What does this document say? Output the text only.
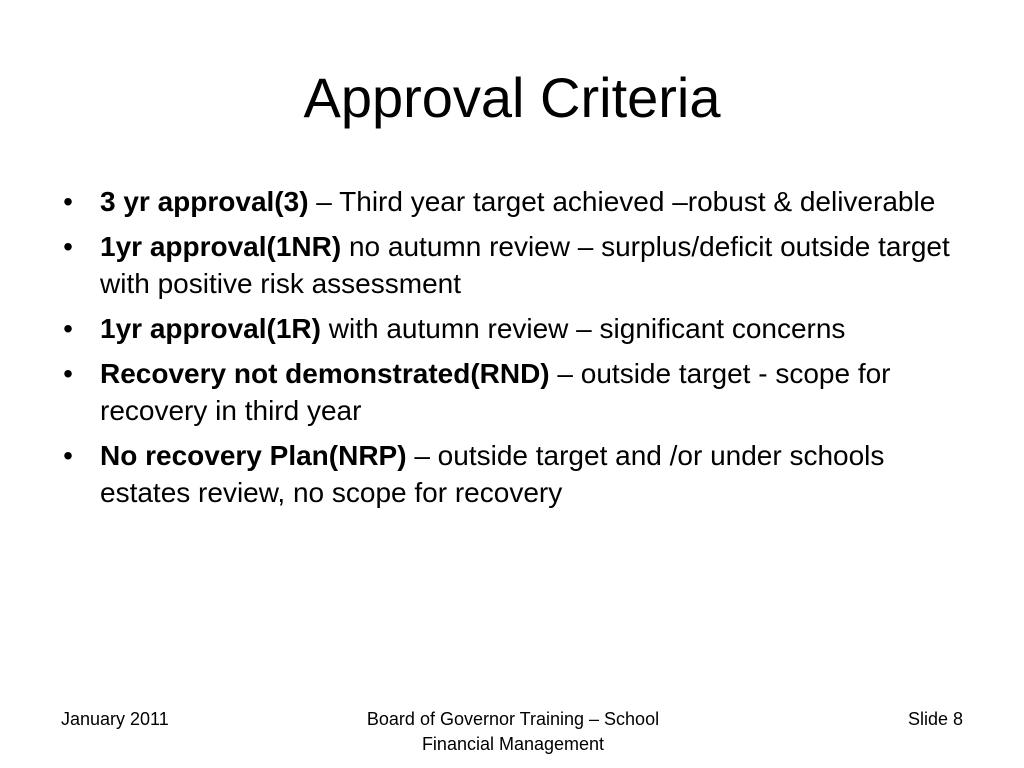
Approval Criteria
• 3 yr approval(3) – Third year target achieved –robust & deliverable
• 1yr approval(1NR) no autumn review – surplus/deficit outside target with positive risk assessment
• 1yr approval(1R) with autumn review – significant concerns
• Recovery not demonstrated(RND) – outside target - scope for recovery in third year
• No recovery Plan(NRP) – outside target and /or under schools estates review, no scope for recovery
January 2011	Board of Governor Training – School
Financial Management
Slide 8
